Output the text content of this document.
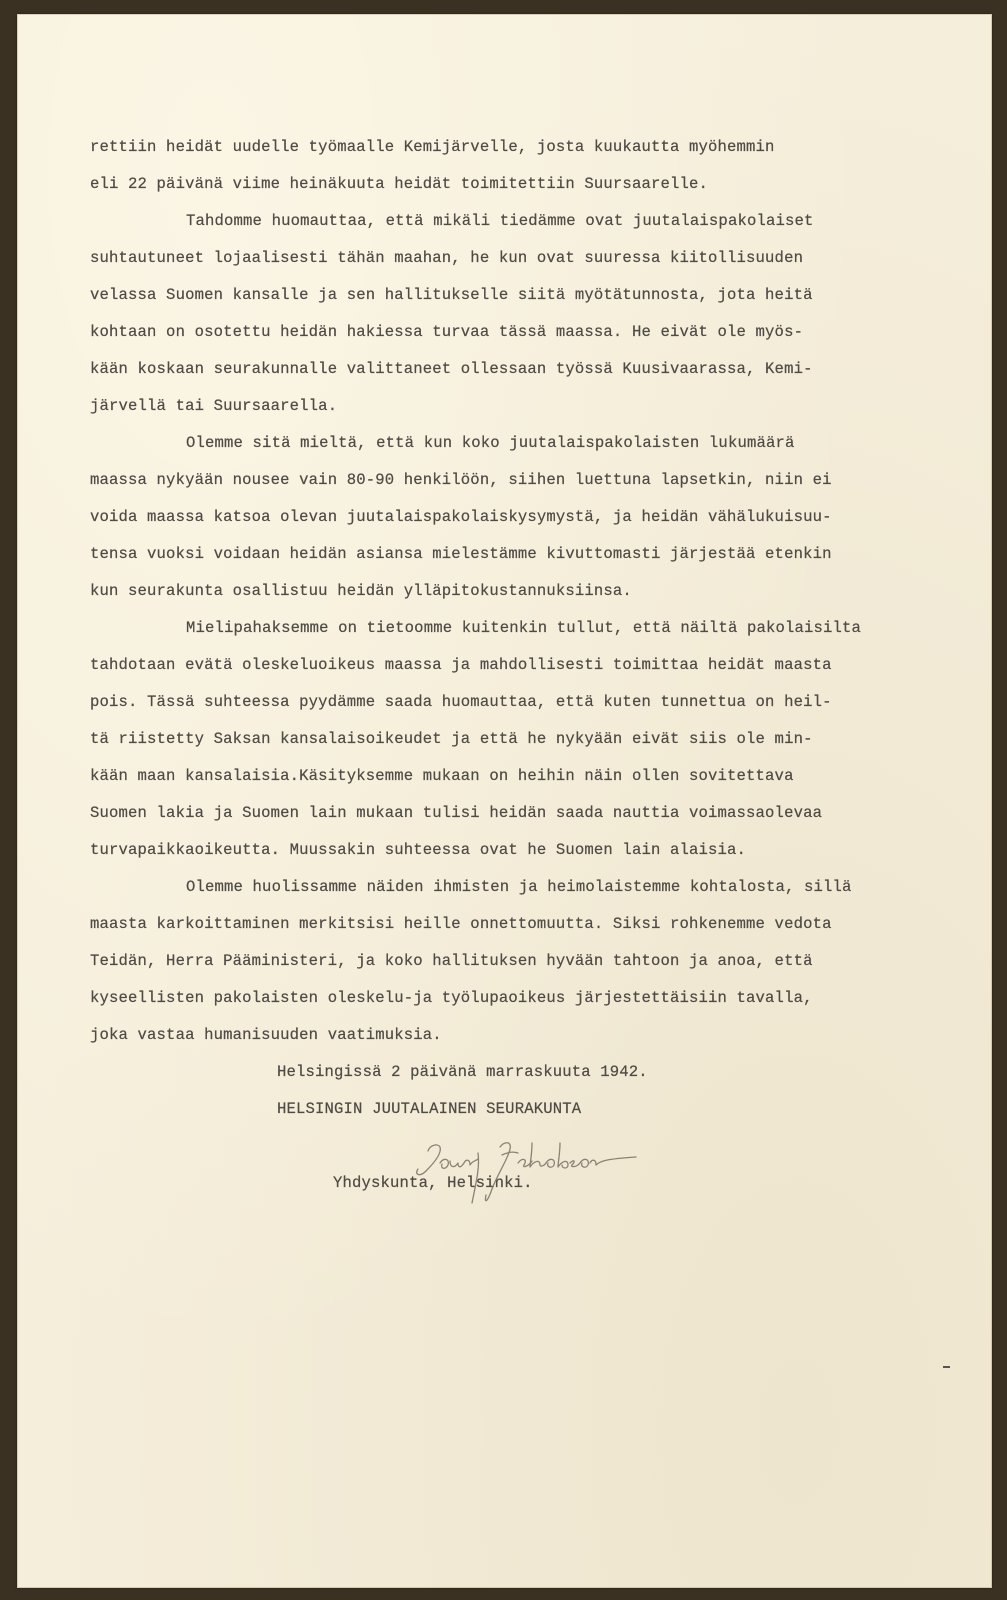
rettiin heidät uudelle työmaalle Kemijärvelle, josta kuukautta myöhemmin
eli 22 päivänä viime heinäkuuta heidät toimitettiin Suursaarelle.
Tahdomme huomauttaa, että mikäli tiedämme ovat juutalaispakolaiset
suhtautuneet lojaalisesti tähän maahan, he kun ovat suuressa kiitollisuuden
velassa Suomen kansalle ja sen hallitukselle siitä myötätunnosta, jota heitä
kohtaan on osotettu heidän hakiessa turvaa tässä maassa. He eivät ole myös-
kään koskaan seurakunnalle valittaneet ollessaan työssä Kuusivaarassa, Kemi-
järvellä tai Suursaarella.
Olemme sitä mieltä, että kun koko juutalaispakolaisten lukumäärä
maassa nykyään nousee vain 80-90 henkilöön, siihen luettuna lapsetkin, niin ei
voida maassa katsoa olevan juutalaispakolaiskysymystä, ja heidän vähälukuisuu-
tensa vuoksi voidaan heidän asiansa mielestämme kivuttomasti järjestää etenkin
kun seurakunta osallistuu heidän ylläpitokustannuksiinsa.
Mielipahaksemme on tietoomme kuitenkin tullut, että näiltä pakolaisilta
tahdotaan evätä oleskeluoikeus maassa ja mahdollisesti toimittaa heidät maasta
pois. Tässä suhteessa pyydämme saada huomauttaa, että kuten tunnettua on heil-
tä riistetty Saksan kansalaisoikeudet ja että he nykyään eivät siis ole min-
kään maan kansalaisia.Käsityksemme mukaan on heihin näin ollen sovitettava
Suomen lakia ja Suomen lain mukaan tulisi heidän saada nauttia voimassaolevaa
turvapaikkaoikeutta. Muussakin suhteessa ovat he Suomen lain alaisia.
Olemme huolissamme näiden ihmisten ja heimolaistemme kohtalosta, sillä
maasta karkoittaminen merkitsisi heille onnettomuutta. Siksi rohkenemme vedota
Teidän, Herra Pääministeri, ja koko hallituksen hyvään tahtoon ja anoa, että
kyseellisten pakolaisten oleskelu-ja työlupaoikeus järjestettäisiin tavalla,
joka vastaa humanisuuden vaatimuksia.
Helsingissä 2 päivänä marraskuuta 1942.
HELSINGIN JUUTALAINEN SEURAKUNTA
Yhdyskunta, Helsinki.
